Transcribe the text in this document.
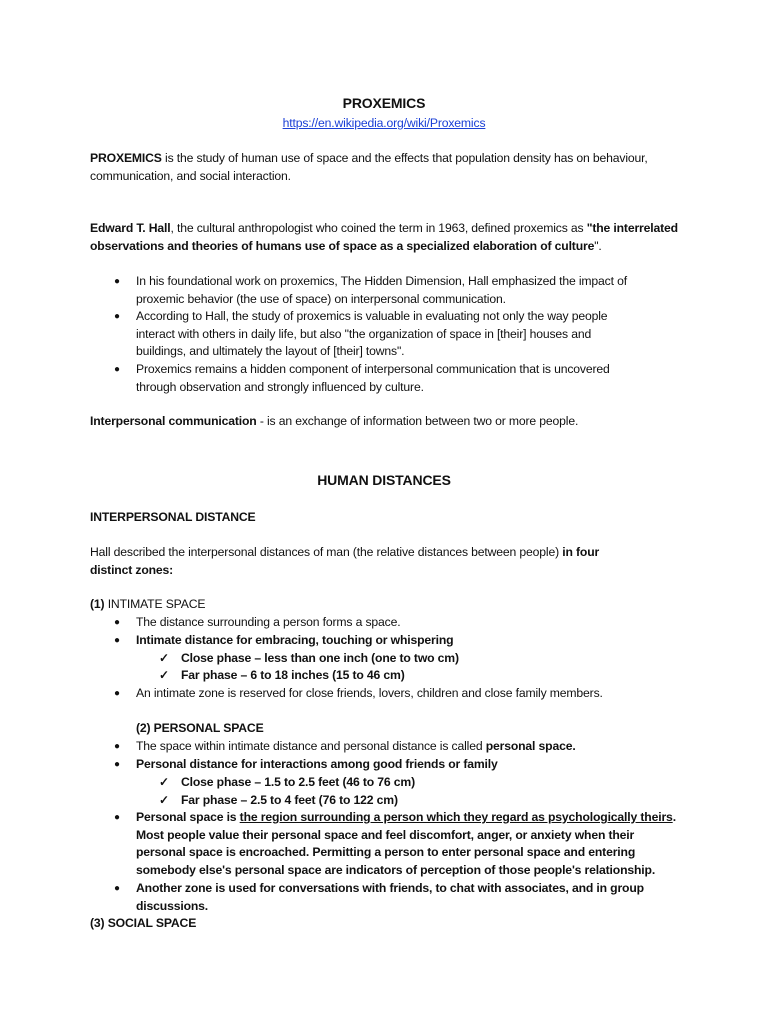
PROXEMICS
https://en.wikipedia.org/wiki/Proxemics
PROXEMICS is the study of human use of space and the effects that population density has on behaviour, communication, and social interaction.
Edward T. Hall, the cultural anthropologist who coined the term in 1963, defined proxemics as "the interrelated observations and theories of humans use of space as a specialized elaboration of culture".
● In his foundational work on proxemics, The Hidden Dimension, Hall emphasized the impact of
proxemic behavior (the use of space) on interpersonal communication.
● According to Hall, the study of proxemics is valuable in evaluating not only the way people
interact with others in daily life, but also "the organization of space in [their] houses and
buildings, and ultimately the layout of [their] towns".
● Proxemics remains a hidden component of interpersonal communication that is uncovered
through observation and strongly influenced by culture.
Interpersonal communication - is an exchange of information between two or more people.
HUMAN DISTANCES
INTERPERSONAL DISTANCE
Hall described the interpersonal distances of man (the relative distances between people) in four
distinct zones:
(1) INTIMATE SPACE
● The distance surrounding a person forms a space.
● Intimate distance for embracing, touching or whispering
✓ Close phase – less than one inch (one to two cm)
✓ Far phase – 6 to 18 inches (15 to 46 cm)
● An intimate zone is reserved for close friends, lovers, children and close family members.
(2) PERSONAL SPACE
● The space within intimate distance and personal distance is called personal space.
● Personal distance for interactions among good friends or family
✓ Close phase – 1.5 to 2.5 feet (46 to 76 cm)
✓ Far phase – 2.5 to 4 feet (76 to 122 cm)
● Personal space is the region surrounding a person which they regard as psychologically theirs.
Most people value their personal space and feel discomfort, anger, or anxiety when their
personal space is encroached. Permitting a person to enter personal space and entering
somebody else's personal space are indicators of perception of those people's relationship.
● Another zone is used for conversations with friends, to chat with associates, and in group
discussions.
(3) SOCIAL SPACE
